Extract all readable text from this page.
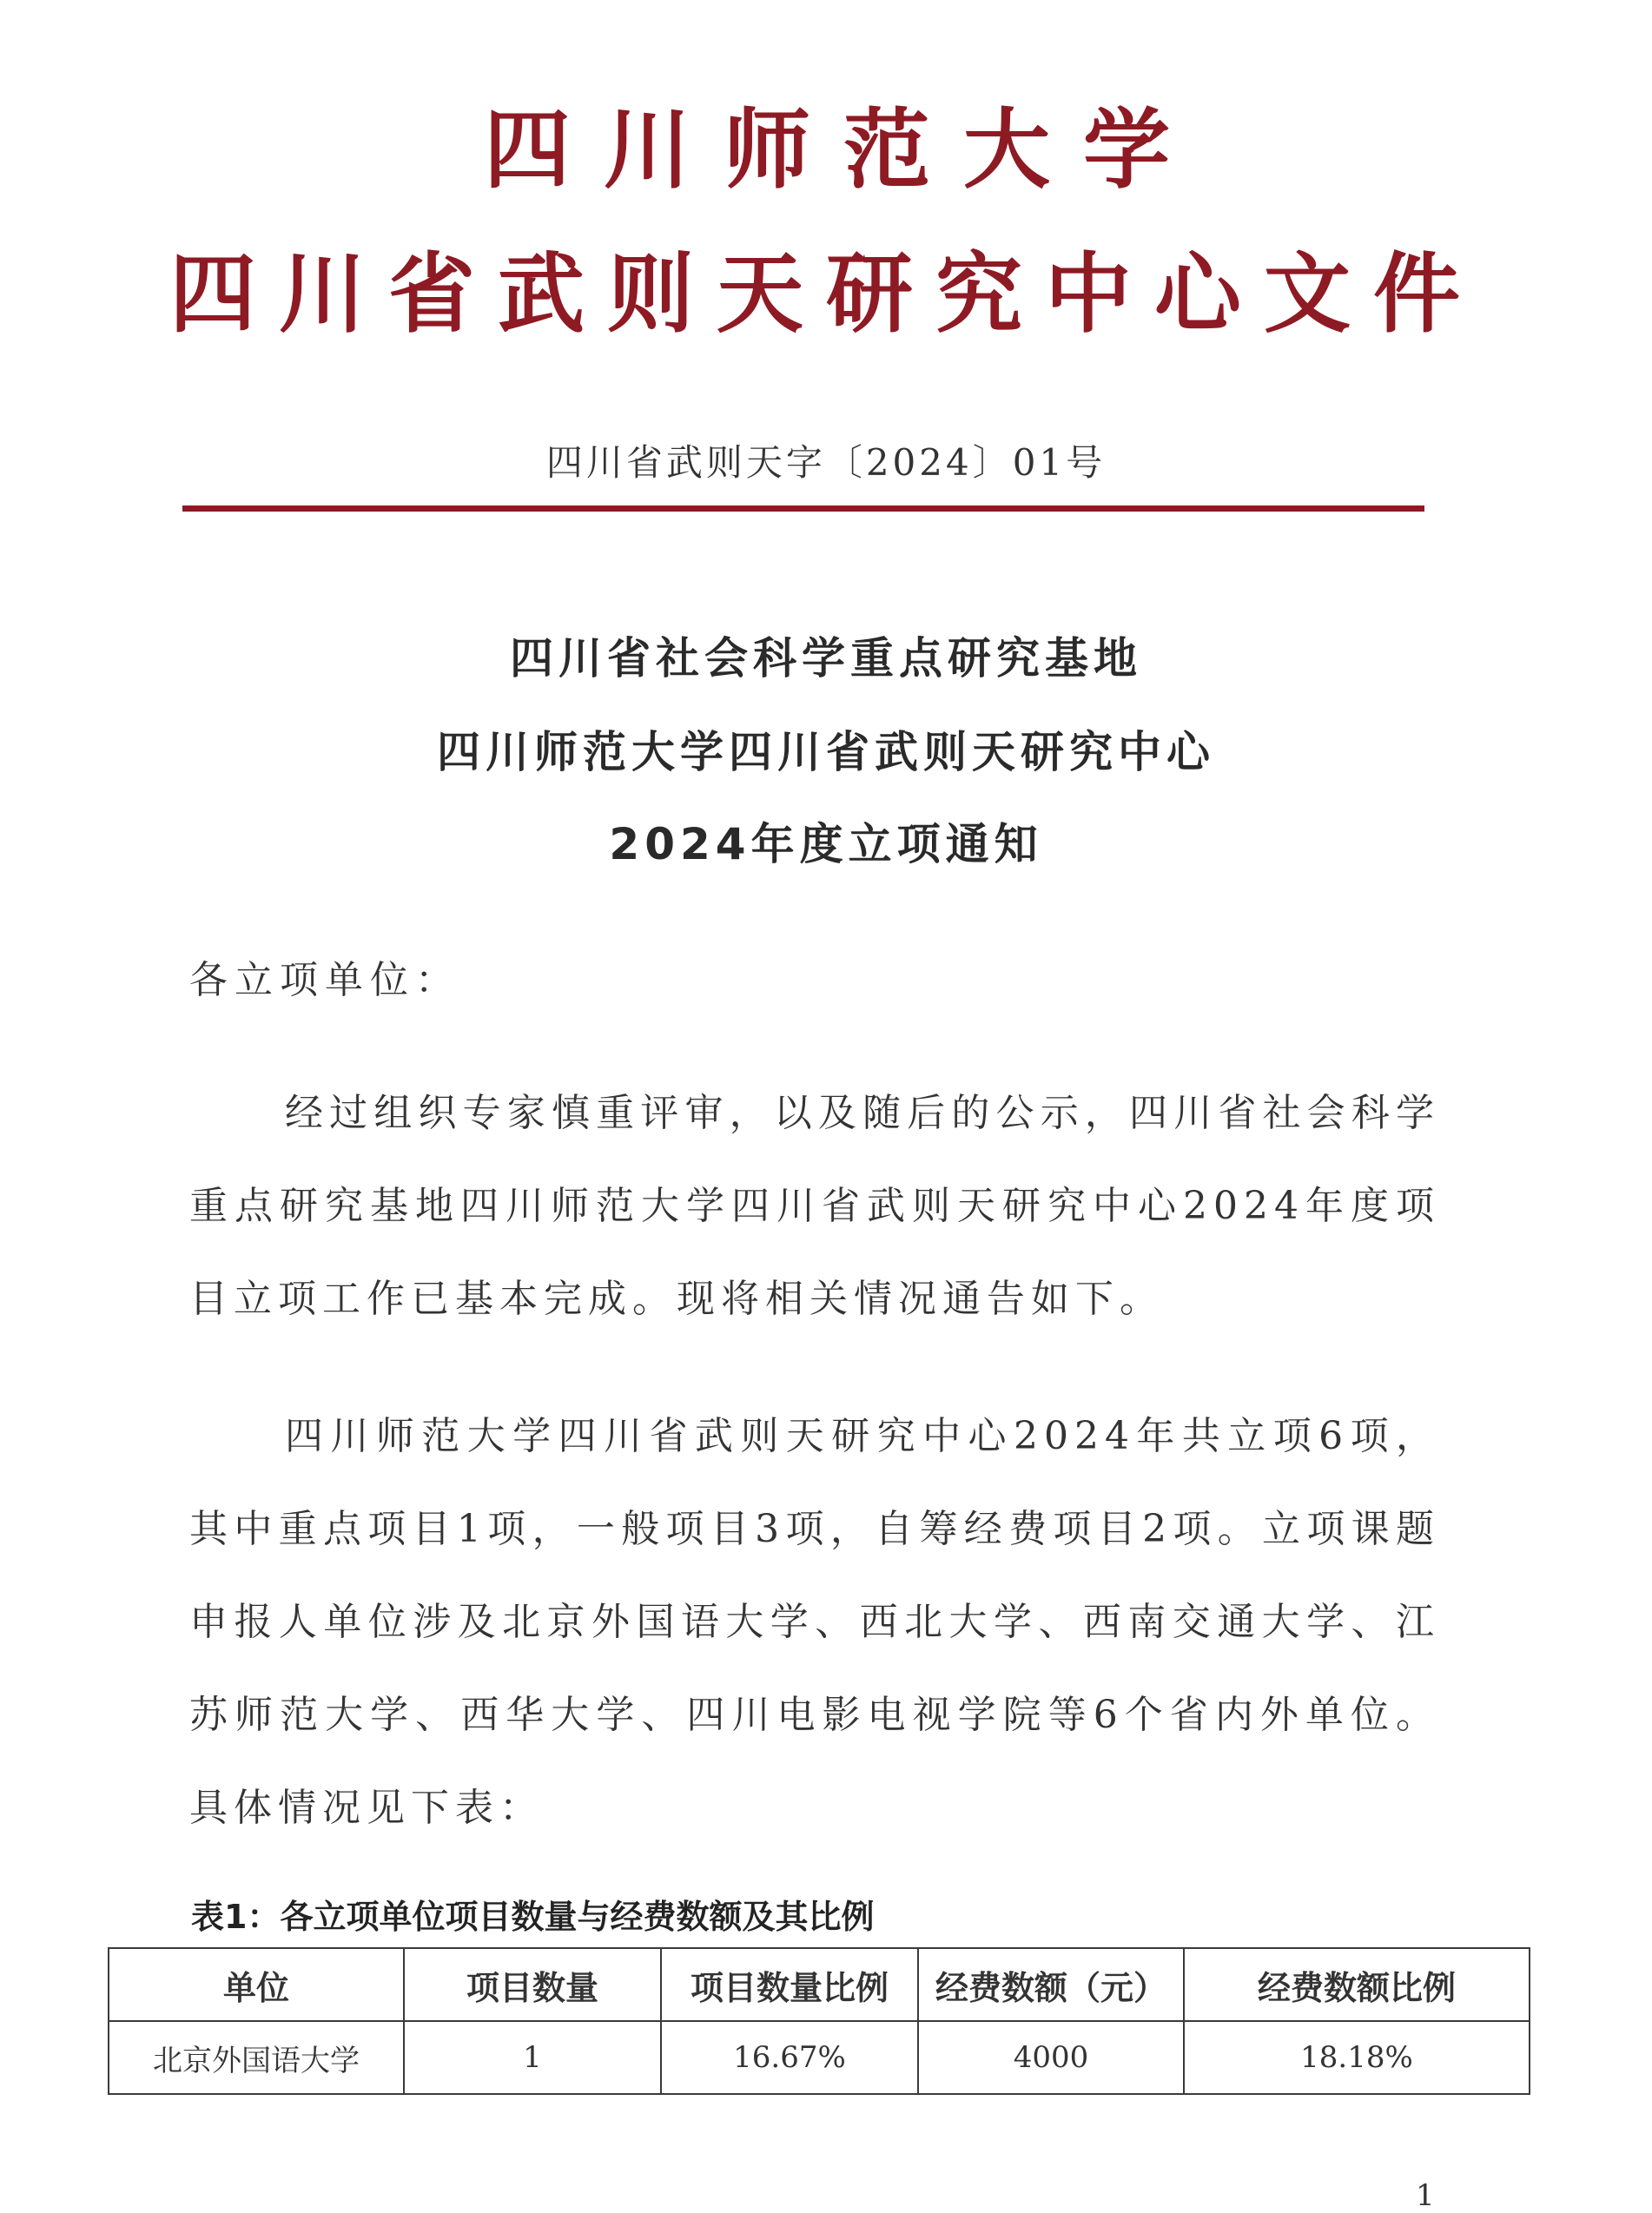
四川师范大学
四川省武则天研究中心文件
四川省武则天字〔2024〕01号
四川省社会科学重点研究基地
四川师范大学四川省武则天研究中心
2024年度立项通知
各立项单位：

经过组织专家慎重评审，以及随后的公示，四川省社会科学重点研究基地四川师范大学四川省武则天研究中心2024年度项目立项工作已基本完成。现将相关情况通告如下。

四川师范大学四川省武则天研究中心2024年共立项6项，其中重点项目1项，一般项目3项，自筹经费项目2项。立项课题申报人单位涉及北京外国语大学、西北大学、西南交通大学、江苏师范大学、西华大学、四川电影电视学院等6个省内外单位。具体情况见下表：

表1：各立项单位项目数量与经费数额及其比例
单位	项目数量	项目数量比例	经费数额（元）	经费数额比例
北京外国语大学	1	16.67%	4000	18.18%
1
